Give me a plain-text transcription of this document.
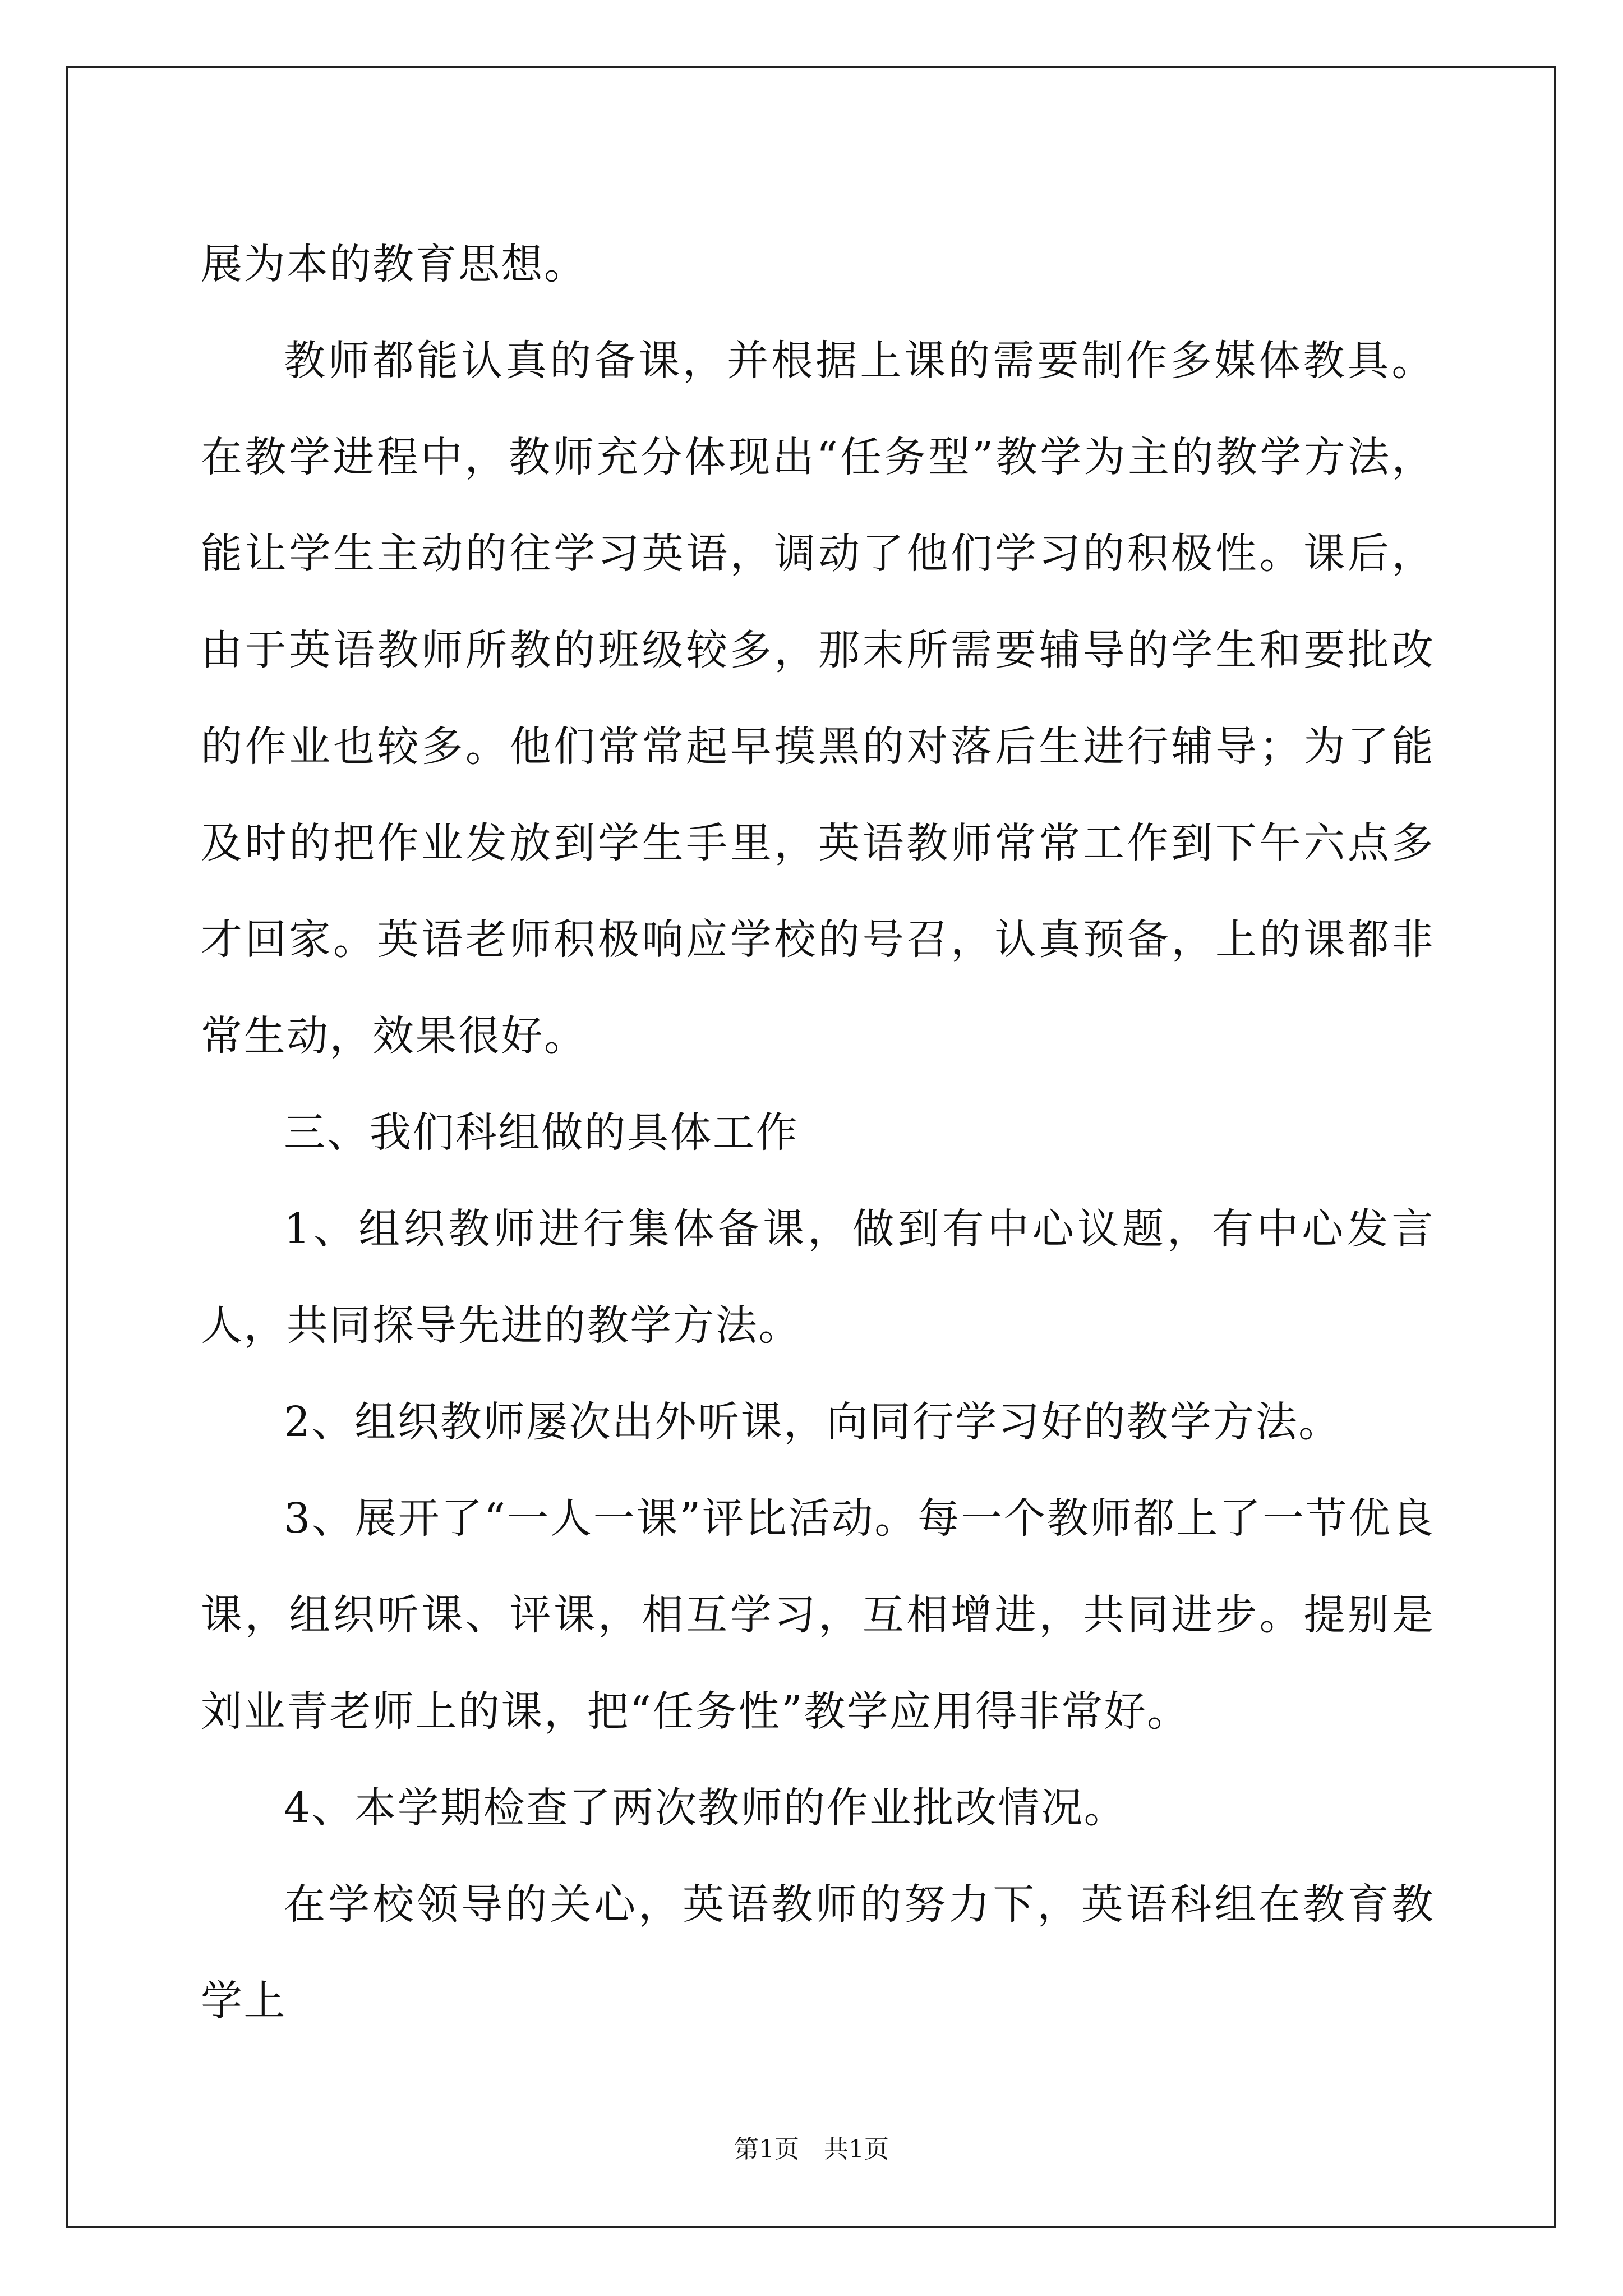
展为本的教育思想。

教师都能认真的备课，并根据上课的需要制作多媒体教具。在教学进程中，教师充分体现出“任务型”教学为主的教学方法，能让学生主动的往学习英语，调动了他们学习的积极性。课后，由于英语教师所教的班级较多，那末所需要辅导的学生和要批改的作业也较多。他们常常起早摸黑的对落后生进行辅导；为了能及时的把作业发放到学生手里，英语教师常常工作到下午六点多才回家。英语老师积极响应学校的号召，认真预备，上的课都非常生动，效果很好。

三、我们科组做的具体工作

1、组织教师进行集体备课，做到有中心议题，有中心发言人，共同探导先进的教学方法。

2、组织教师屡次出外听课，向同行学习好的教学方法。

3、展开了“一人一课”评比活动。每一个教师都上了一节优良课，组织听课、评课，相互学习，互相增进，共同进步。提别是刘业青老师上的课，把“任务性”教学应用得非常好。

4、本学期检查了两次教师的作业批改情况。

在学校领导的关心，英语教师的努力下，英语科组在教育教学上

第1页 共1页
